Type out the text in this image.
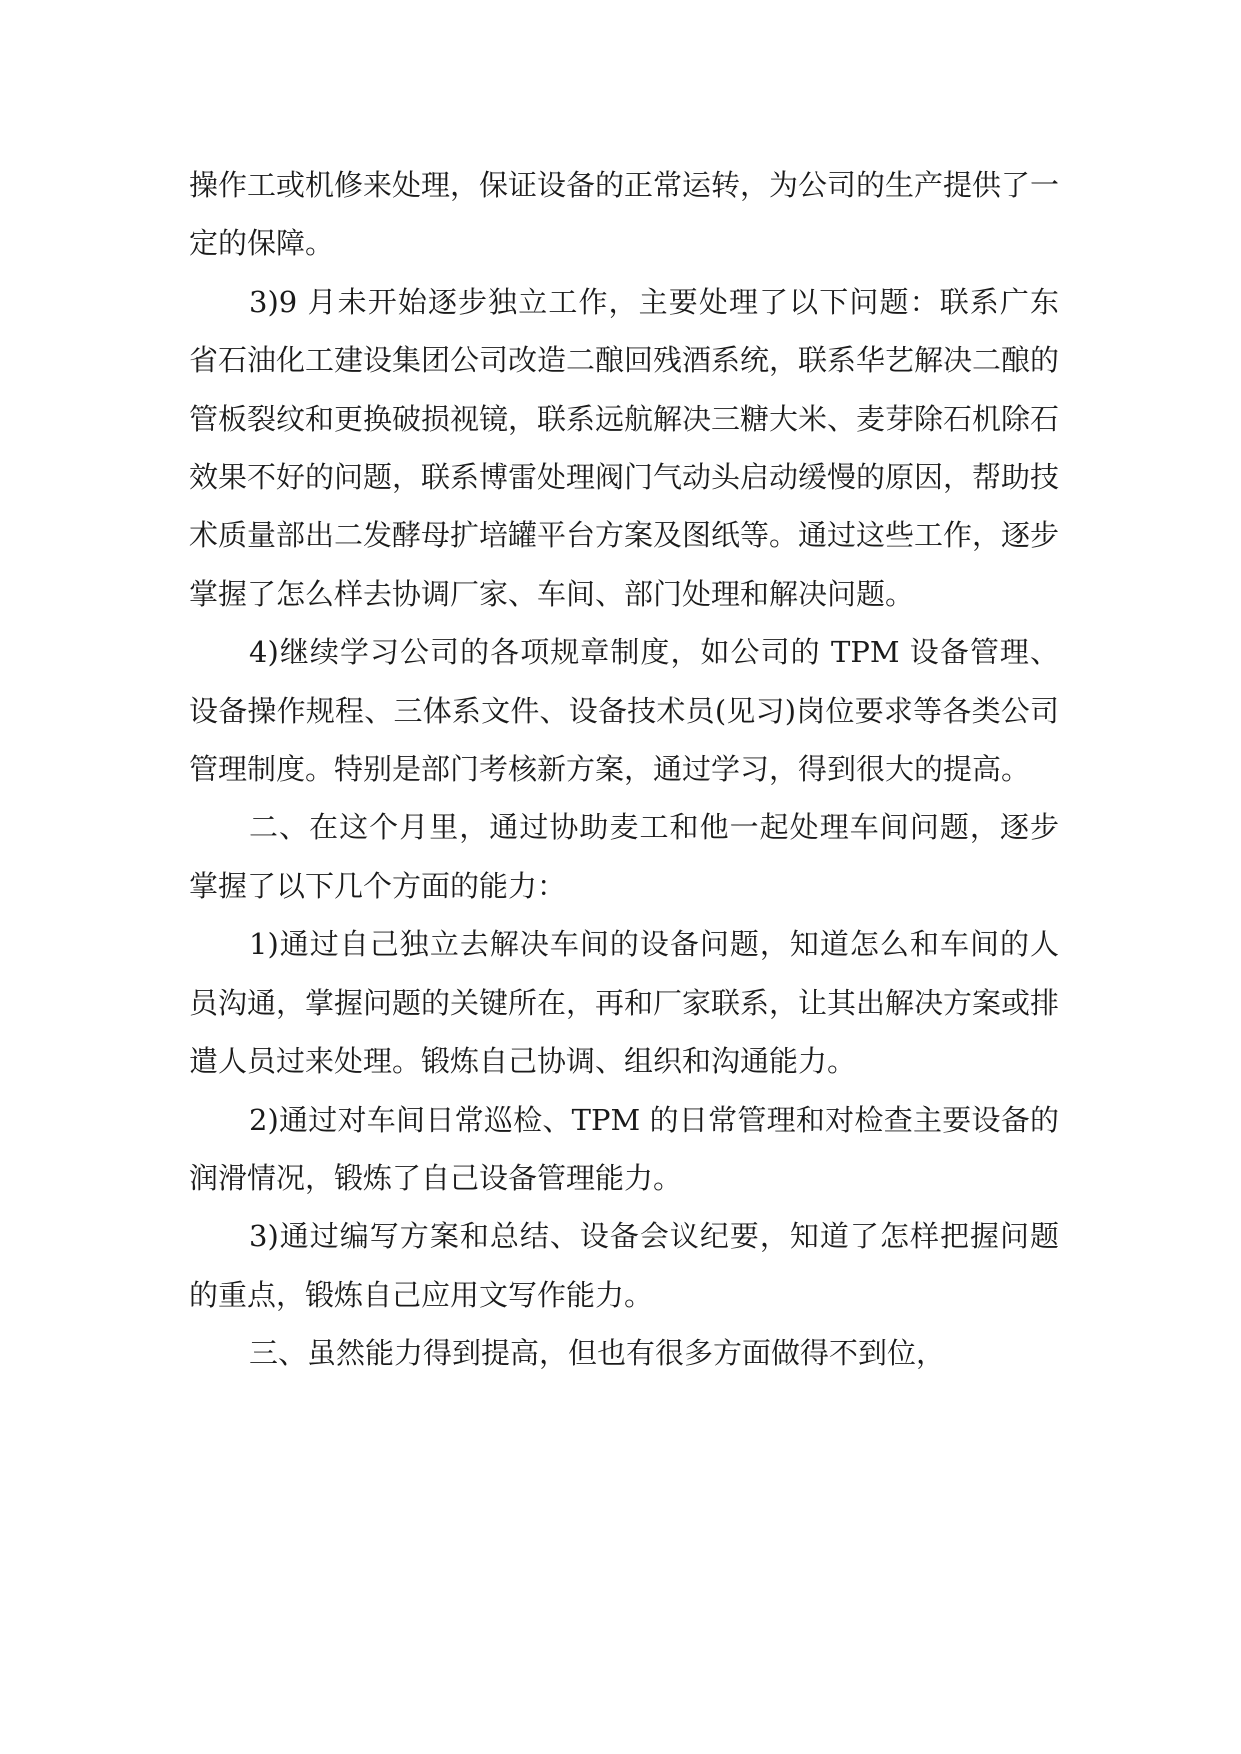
操作工或机修来处理，保证设备的正常运转，为公司的生产提供了一定的保障。

3)9 月未开始逐步独立工作，主要处理了以下问题：联系广东省石油化工建设集团公司改造二酿回残酒系统，联系华艺解决二酿的管板裂纹和更换破损视镜，联系远航解决三糖大米、麦芽除石机除石效果不好的问题，联系博雷处理阀门气动头启动缓慢的原因，帮助技术质量部出二发酵母扩培罐平台方案及图纸等。通过这些工作，逐步掌握了怎么样去协调厂家、车间、部门处理和解决问题。

4)继续学习公司的各项规章制度，如公司的 TPM 设备管理、设备操作规程、三体系文件、设备技术员(见习)岗位要求等各类公司管理制度。特别是部门考核新方案，通过学习，得到很大的提高。

二、在这个月里，通过协助麦工和他一起处理车间问题，逐步掌握了以下几个方面的能力：

1)通过自己独立去解决车间的设备问题，知道怎么和车间的人员沟通，掌握问题的关键所在，再和厂家联系，让其出解决方案或排遣人员过来处理。锻炼自己协调、组织和沟通能力。

2)通过对车间日常巡检、TPM 的日常管理和对检查主要设备的润滑情况，锻炼了自己设备管理能力。

3)通过编写方案和总结、设备会议纪要，知道了怎样把握问题的重点，锻炼自己应用文写作能力。

三、虽然能力得到提高，但也有很多方面做得不到位，
